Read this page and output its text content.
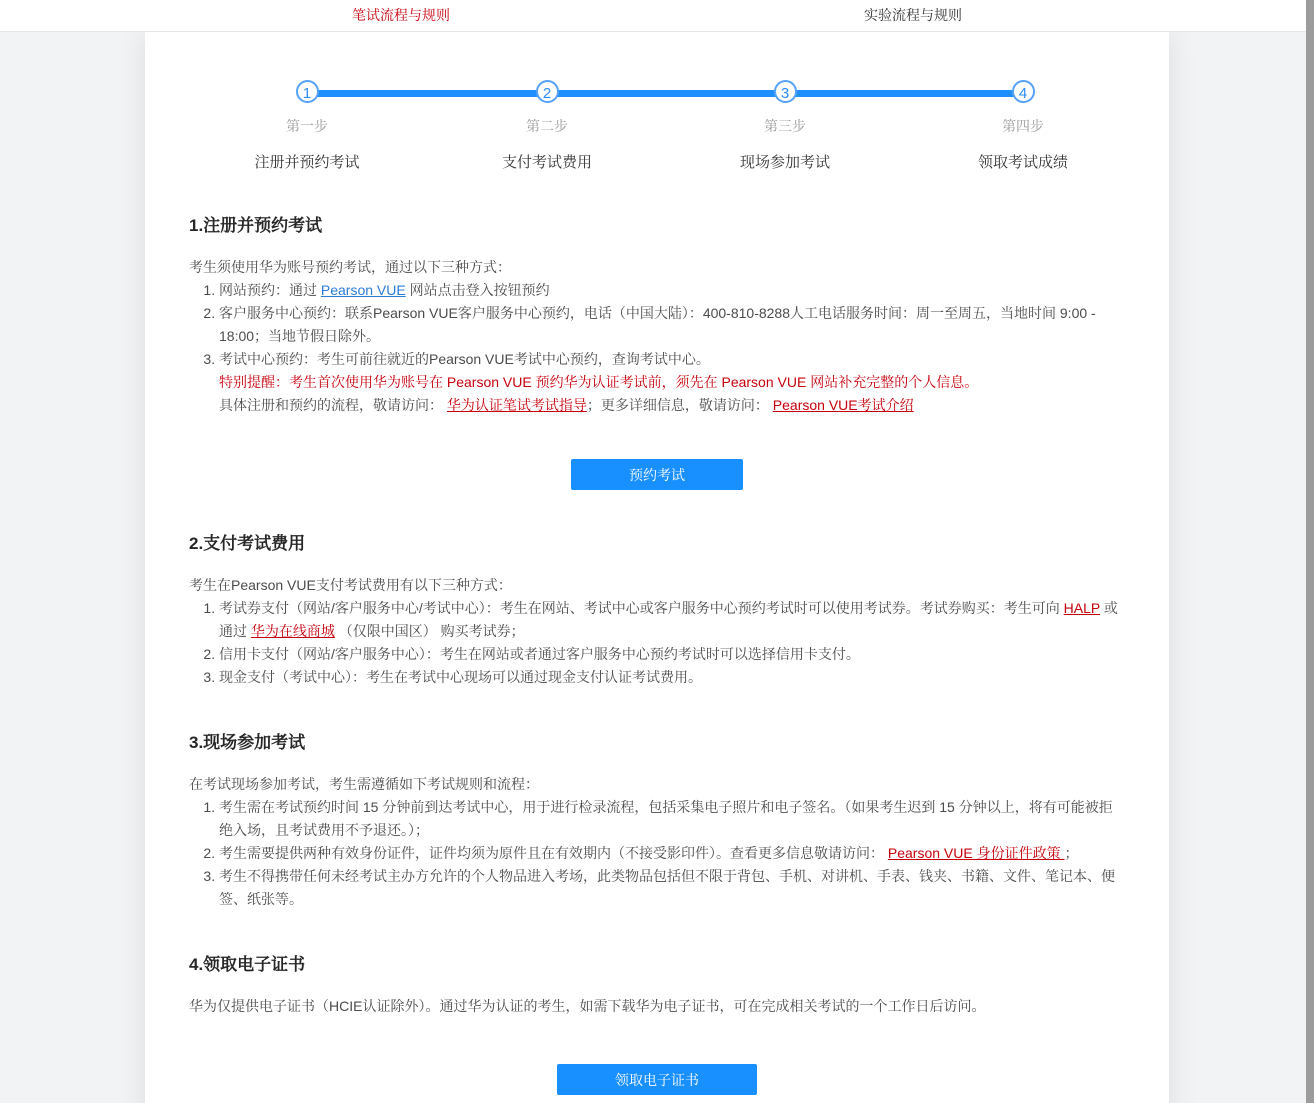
笔试流程与规则	实验流程与规则
1
第一步
注册并预约考试
2
第二步
支付考试费用
3
第三步
现场参加考试
4
第四步
领取考试成绩
1.注册并预约考试

考生须使用华为账号预约考试，通过以下三种方式：

1. 网站预约：通过 Pearson VUE 网站点击登入按钮预约
2. 客户服务中心预约：联系Pearson VUE客户服务中心预约，电话（中国大陆）：400-810-8288人工电话服务时间：周一至周五，当地时间 9:00 - 18:00；当地节假日除外。
3. 考试中心预约：考生可前往就近的Pearson VUE考试中心预约，查询考试中心。
特别提醒：考生首次使用华为账号在 Pearson VUE 预约华为认证考试前，须先在 Pearson VUE 网站补充完整的个人信息。
具体注册和预约的流程，敬请访问： 华为认证笔试考试指导；更多详细信息，敬请访问： Pearson VUE考试介绍
预约考试
2.支付考试费用

考生在Pearson VUE支付考试费用有以下三种方式：

1. 考试券支付（网站/客户服务中心/考试中心）：考生在网站、考试中心或客户服务中心预约考试时可以使用考试券。考试券购买：考生可向 HALP 或通过 华为在线商城 （仅限中国区） 购买考试券；
2. 信用卡支付（网站/客户服务中心）：考生在网站或者通过客户服务中心预约考试时可以选择信用卡支付。
3. 现金支付（考试中心）：考生在考试中心现场可以通过现金支付认证考试费用。
3.现场参加考试

在考试现场参加考试，考生需遵循如下考试规则和流程：

1. 考生需在考试预约时间 15 分钟前到达考试中心，用于进行检录流程，包括采集电子照片和电子签名。（如果考生迟到 15 分钟以上，将有可能被拒绝入场，且考试费用不予退还。）；
2. 考生需要提供两种有效身份证件，证件均须为原件且在有效期内（不接受影印件）。查看更多信息敬请访问： Pearson VUE 身份证件政策 ；
3. 考生不得携带任何未经考试主办方允许的个人物品进入考场，此类物品包括但不限于背包、手机、对讲机、手表、钱夹、书籍、文件、笔记本、便签、纸张等。
4.领取电子证书

华为仅提供电子证书（HCIE认证除外）。通过华为认证的考生，如需下载华为电子证书，可在完成相关考试的一个工作日后访问。

领取电子证书
